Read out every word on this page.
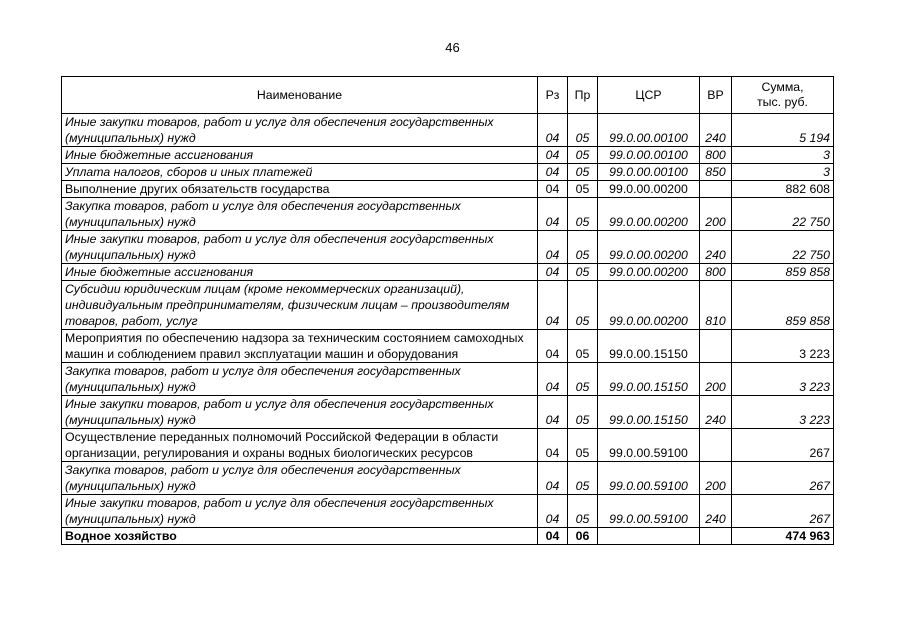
46
Наименование	Рз	Пр	ЦСР	ВР	Сумма,
тыс. руб.
Иные закупки товаров, работ и услуг для обеспечения государственных (муниципальных) нужд	04	05	99.0.00.00100	240	5 194
Иные бюджетные ассигнования	04	05	99.0.00.00100	800	3
Уплата налогов, сборов и иных платежей	04	05	99.0.00.00100	850	3
Выполнение других обязательств государства	04	05	99.0.00.00200		882 608
Закупка товаров, работ и услуг для обеспечения государственных (муниципальных) нужд	04	05	99.0.00.00200	200	22 750
Иные закупки товаров, работ и услуг для обеспечения государственных (муниципальных) нужд	04	05	99.0.00.00200	240	22 750
Иные бюджетные ассигнования	04	05	99.0.00.00200	800	859 858
Субсидии юридическим лицам (кроме некоммерческих организаций), индивидуальным предпринимателям, физическим лицам – производителям товаров, работ, услуг	04	05	99.0.00.00200	810	859 858
Мероприятия по обеспечению надзора за техническим состоянием самоходных машин и соблюдением правил эксплуатации машин и оборудования	04	05	99.0.00.15150		3 223
Закупка товаров, работ и услуг для обеспечения государственных (муниципальных) нужд	04	05	99.0.00.15150	200	3 223
Иные закупки товаров, работ и услуг для обеспечения государственных (муниципальных) нужд	04	05	99.0.00.15150	240	3 223
Осуществление переданных полномочий Российской Федерации в области организации, регулирования и охраны водных биологических ресурсов	04	05	99.0.00.59100		267
Закупка товаров, работ и услуг для обеспечения государственных (муниципальных) нужд	04	05	99.0.00.59100	200	267
Иные закупки товаров, работ и услуг для обеспечения государственных (муниципальных) нужд	04	05	99.0.00.59100	240	267
Водное хозяйство	04	06			474 963
